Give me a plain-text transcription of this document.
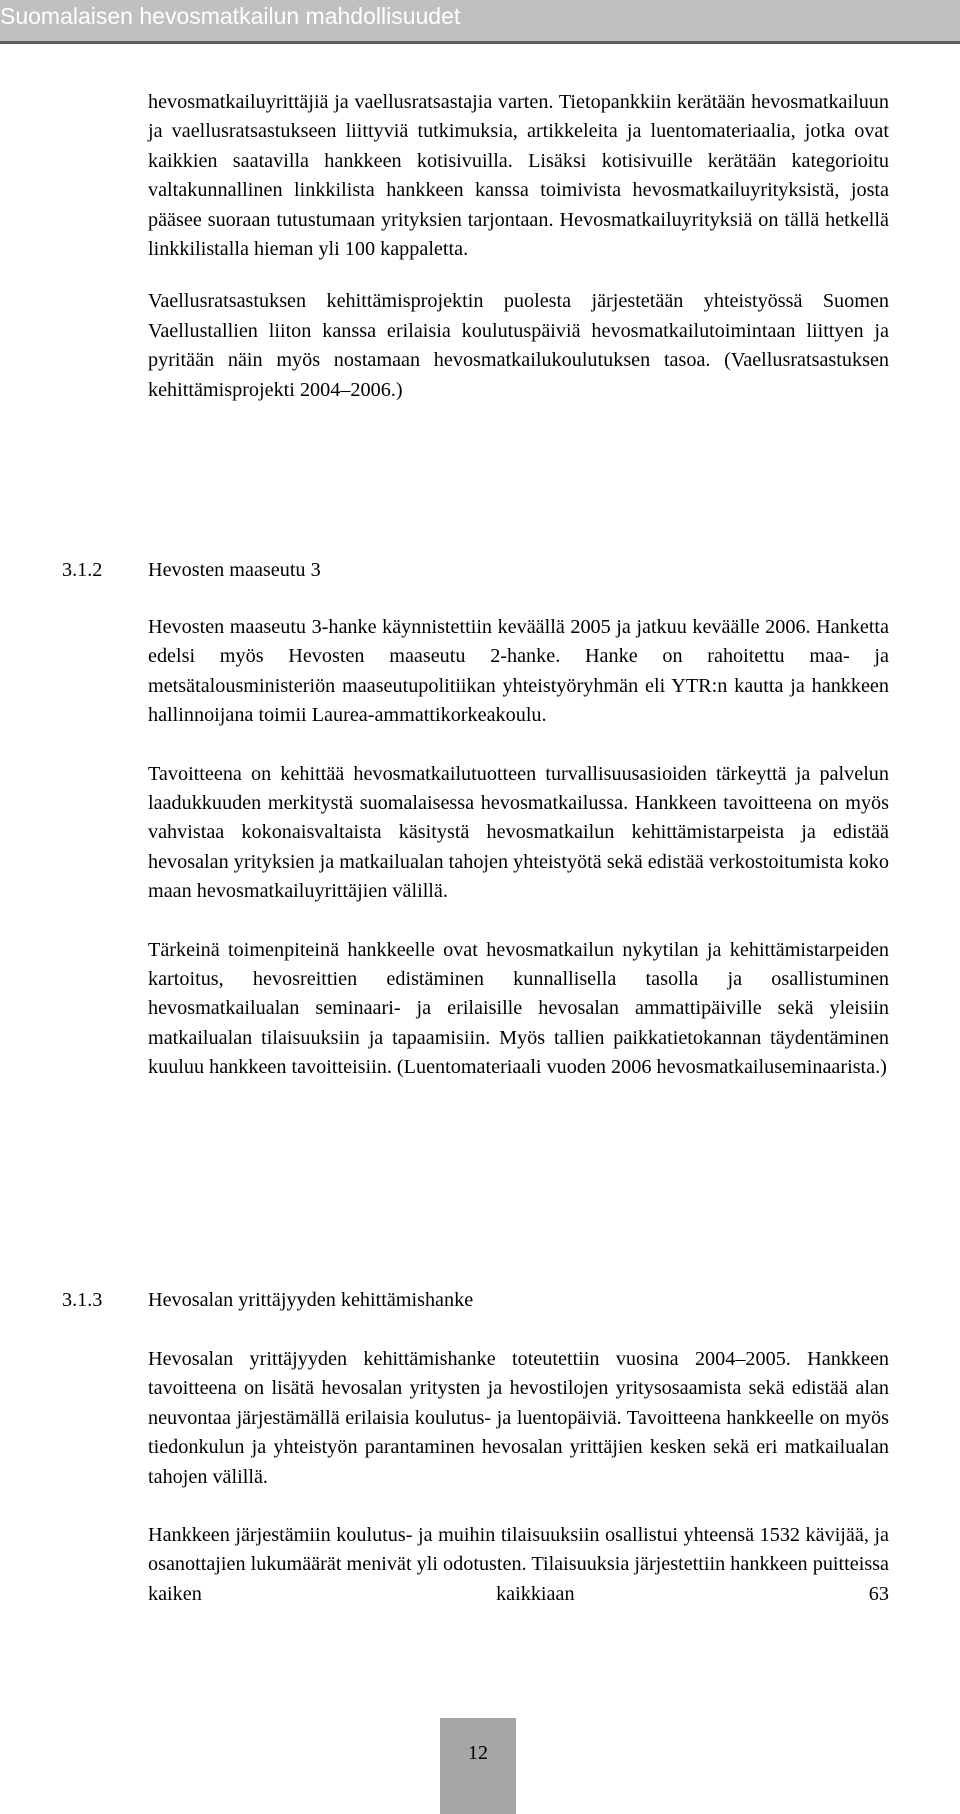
Suomalaisen hevosmatkailun mahdollisuudet

hevosmatkailuyrittäjiä ja vaellusratsastajia varten. Tietopankkiin kerätään hevosmatkailuun ja vaellusratsastukseen liittyviä tutkimuksia, artikkeleita ja luentomateriaalia, jotka ovat kaikkien saatavilla hankkeen kotisivuilla. Lisäksi kotisivuille kerätään kategorioitu valtakunnallinen linkkilista hankkeen kanssa toimivista hevosmatkailuyrityksistä, josta pääsee suoraan tutustumaan yrityksien tarjontaan. Hevosmatkailuyrityksiä on tällä hetkellä linkkilistalla hieman yli 100 kappaletta.

Vaellusratsastuksen kehittämisprojektin puolesta järjestetään yhteistyössä Suomen Vaellustallien liiton kanssa erilaisia koulutuspäiviä hevosmatkailutoimintaan liittyen ja pyritään näin myös nostamaan hevosmatkailukoulutuksen tasoa. (Vaellusratsastuksen kehittämisprojekti 2004–2006.)

3.1.2 Hevosten maaseutu 3

Hevosten maaseutu 3-hanke käynnistettiin keväällä 2005 ja jatkuu keväälle 2006. Hanketta edelsi myös Hevosten maaseutu 2-hanke. Hanke on rahoitettu maa- ja metsätalousministeriön maaseutupolitiikan yhteistyöryhmän eli YTR:n kautta ja hankkeen hallinnoijana toimii Laurea-ammattikorkeakoulu.

Tavoitteena on kehittää hevosmatkailutuotteen turvallisuusasioiden tärkeyttä ja palvelun laadukkuuden merkitystä suomalaisessa hevosmatkailussa. Hankkeen tavoitteena on myös vahvistaa kokonaisvaltaista käsitystä hevosmatkailun kehittämistarpeista ja edistää hevosalan yrityksien ja matkailualan tahojen yhteistyötä sekä edistää verkostoitumista koko maan hevosmatkailuyrittäjien välillä.

Tärkeinä toimenpiteinä hankkeelle ovat hevosmatkailun nykytilan ja kehittämistarpeiden kartoitus, hevosreittien edistäminen kunnallisella tasolla ja osallistuminen hevosmatkailualan seminaari- ja erilaisille hevosalan ammattipäiville sekä yleisiin matkailualan tilaisuuksiin ja tapaamisiin. Myös tallien paikkatietokannan täydentäminen kuuluu hankkeen tavoitteisiin. (Luentomateriaali vuoden 2006 hevosmatkailuseminaarista.)

3.1.3 Hevosalan yrittäjyyden kehittämishanke

Hevosalan yrittäjyyden kehittämishanke toteutettiin vuosina 2004–2005. Hankkeen tavoitteena on lisätä hevosalan yritysten ja hevostilojen yritysosaamista sekä edistää alan neuvontaa järjestämällä erilaisia koulutus- ja luentopäiviä. Tavoitteena hankkeelle on myös tiedonkulun ja yhteistyön parantaminen hevosalan yrittäjien kesken sekä eri matkailualan tahojen välillä.

Hankkeen järjestämiin koulutus- ja muihin tilaisuuksiin osallistui yhteensä 1532 kävijää, ja osanottajien lukumäärät menivät yli odotusten. Tilaisuuksia järjestettiin hankkeen puitteissa kaiken kaikkiaan 63

12
